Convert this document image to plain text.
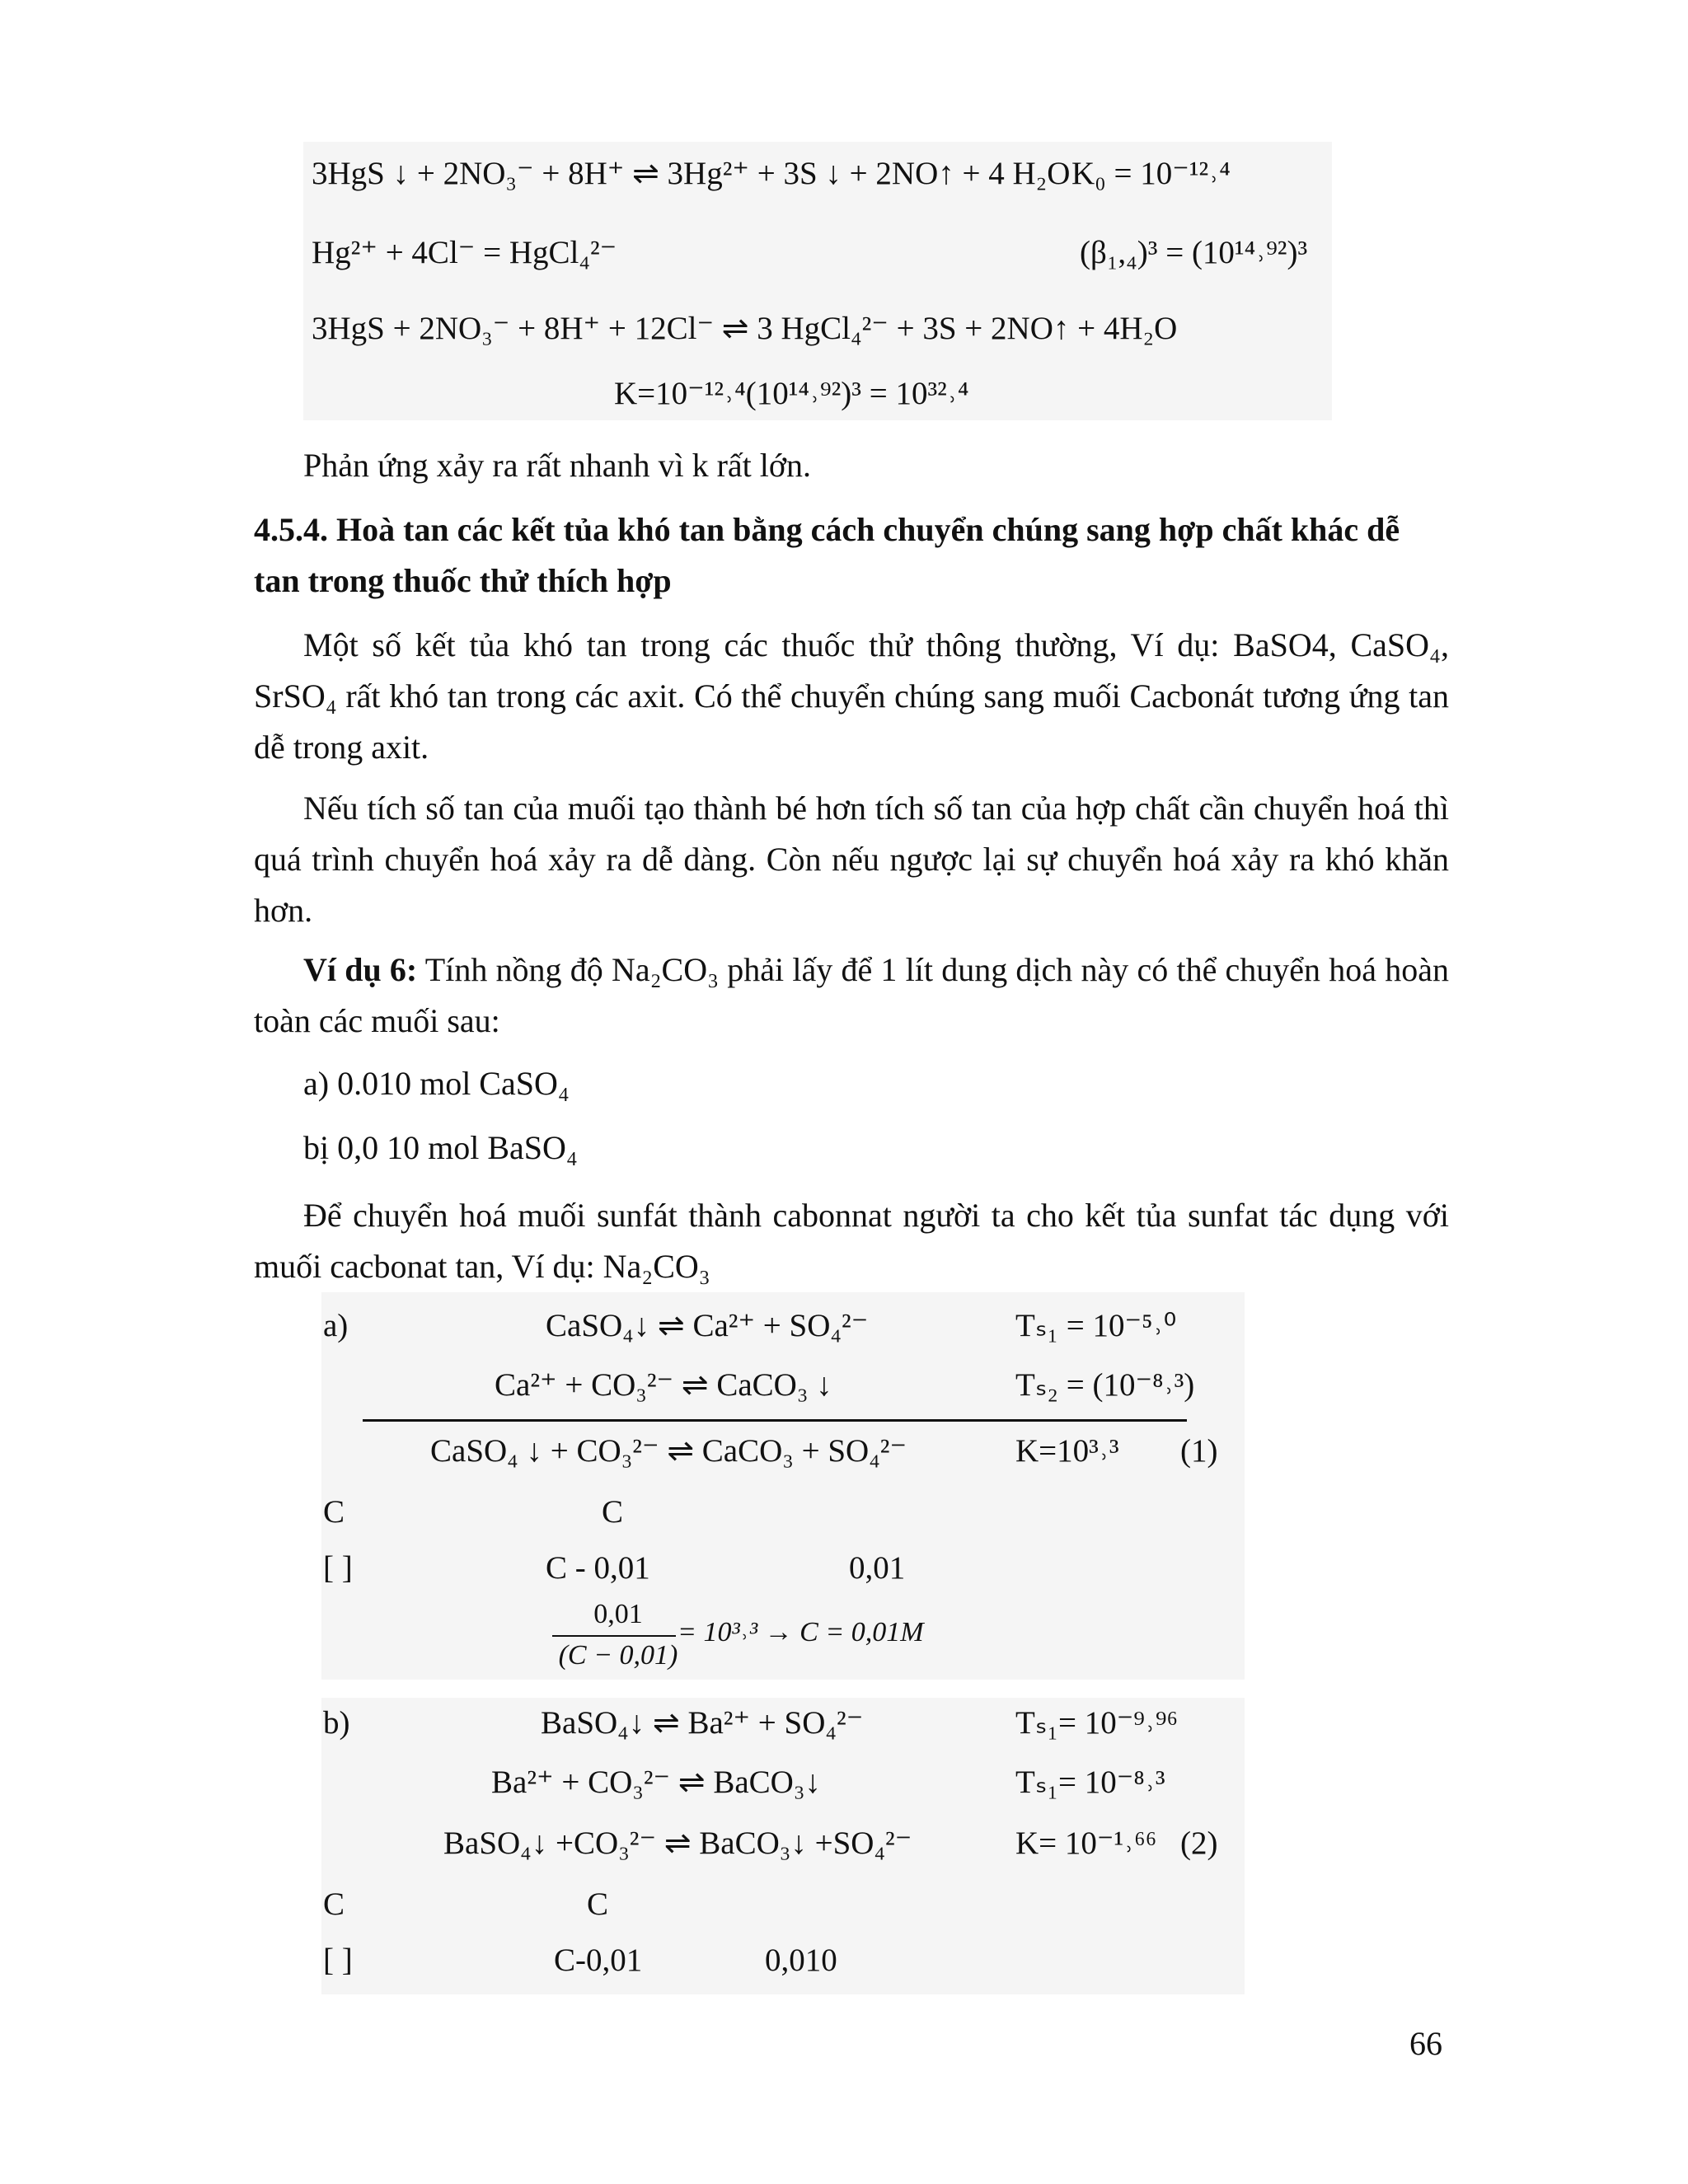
3HgS ↓ + 2NO₃⁻ + 8H⁺ ⇌ 3Hg²⁺ + 3S ↓ + 2NO↑ + 4 H₂O K₀ = 10⁻¹²˒⁴
Hg²⁺ + 4Cl⁻ = HgCl₄²⁻	(β₁,₄)³ = (10¹⁴˒⁹²)³
3HgS + 2NO₃⁻ + 8H⁺ + 12Cl⁻ ⇌ 3 HgCl₄²⁻ + 3S + 2NO↑ + 4H₂O
K=10⁻¹²˒⁴(10¹⁴˒⁹²)³ = 10³²˒⁴
Phản ứng xảy ra rất nhanh vì k rất lớn.
4.5.4. Hoà tan các kết tủa khó tan bằng cách chuyển chúng sang hợp chất khác dễ tan trong thuốc thử thích hợp
Một số kết tủa khó tan trong các thuốc thử thông thường, Ví dụ: BaSO4, CaSO₄, SrSO₄ rất khó tan trong các axit. Có thể chuyển chúng sang muối Cacbonát tương ứng tan dễ trong axit.
Nếu tích số tan của muối tạo thành bé hơn tích số tan của hợp chất cần chuyển hoá thì quá trình chuyển hoá xảy ra dễ dàng. Còn nếu ngược lại sự chuyển hoá xảy ra khó khăn hơn.
Ví dụ 6: Tính nồng độ Na₂CO₃ phải lấy để 1 lít dung dịch này có thể chuyển hoá hoàn toàn các muối sau:
a) 0.010 mol CaSO₄
bị 0,0 10 mol BaSO₄
Để chuyển hoá muối sunfát thành cabonnat người ta cho kết tủa sunfat tác dụng với muối cacbonat tan, Ví dụ: Na₂CO₃
a)	CaSO₄↓ ⇌ Ca²⁺ + SO₄²⁻	Tₛ₁ = 10⁻⁵˒⁰
Ca²⁺ + CO₃²⁻ ⇌ CaCO₃ ↓	Tₛ₂ = (10⁻⁸˒³)
CaSO₄ ↓ + CO₃²⁻ ⇌ CaCO₃ + SO₄²⁻	K=10³˒³ (1)
C	C
[ ]	C - 0,01	0,01
0,01
(C − 0,01)
= 10³˒³ → C = 0,01M
b)	BaSO₄↓ ⇌ Ba²⁺ + SO₄²⁻	Tₛ₁= 10⁻⁹˒⁹⁶
Ba²⁺ + CO₃²⁻ ⇌ BaCO₃↓	Tₛ₁= 10⁻⁸˒³
BaSO₄↓ +CO₃²⁻ ⇌ BaCO₃↓ +SO₄²⁻	K= 10⁻¹˒⁶⁶ (2)
C	C
[ ]	C-0,01	0,010
66
